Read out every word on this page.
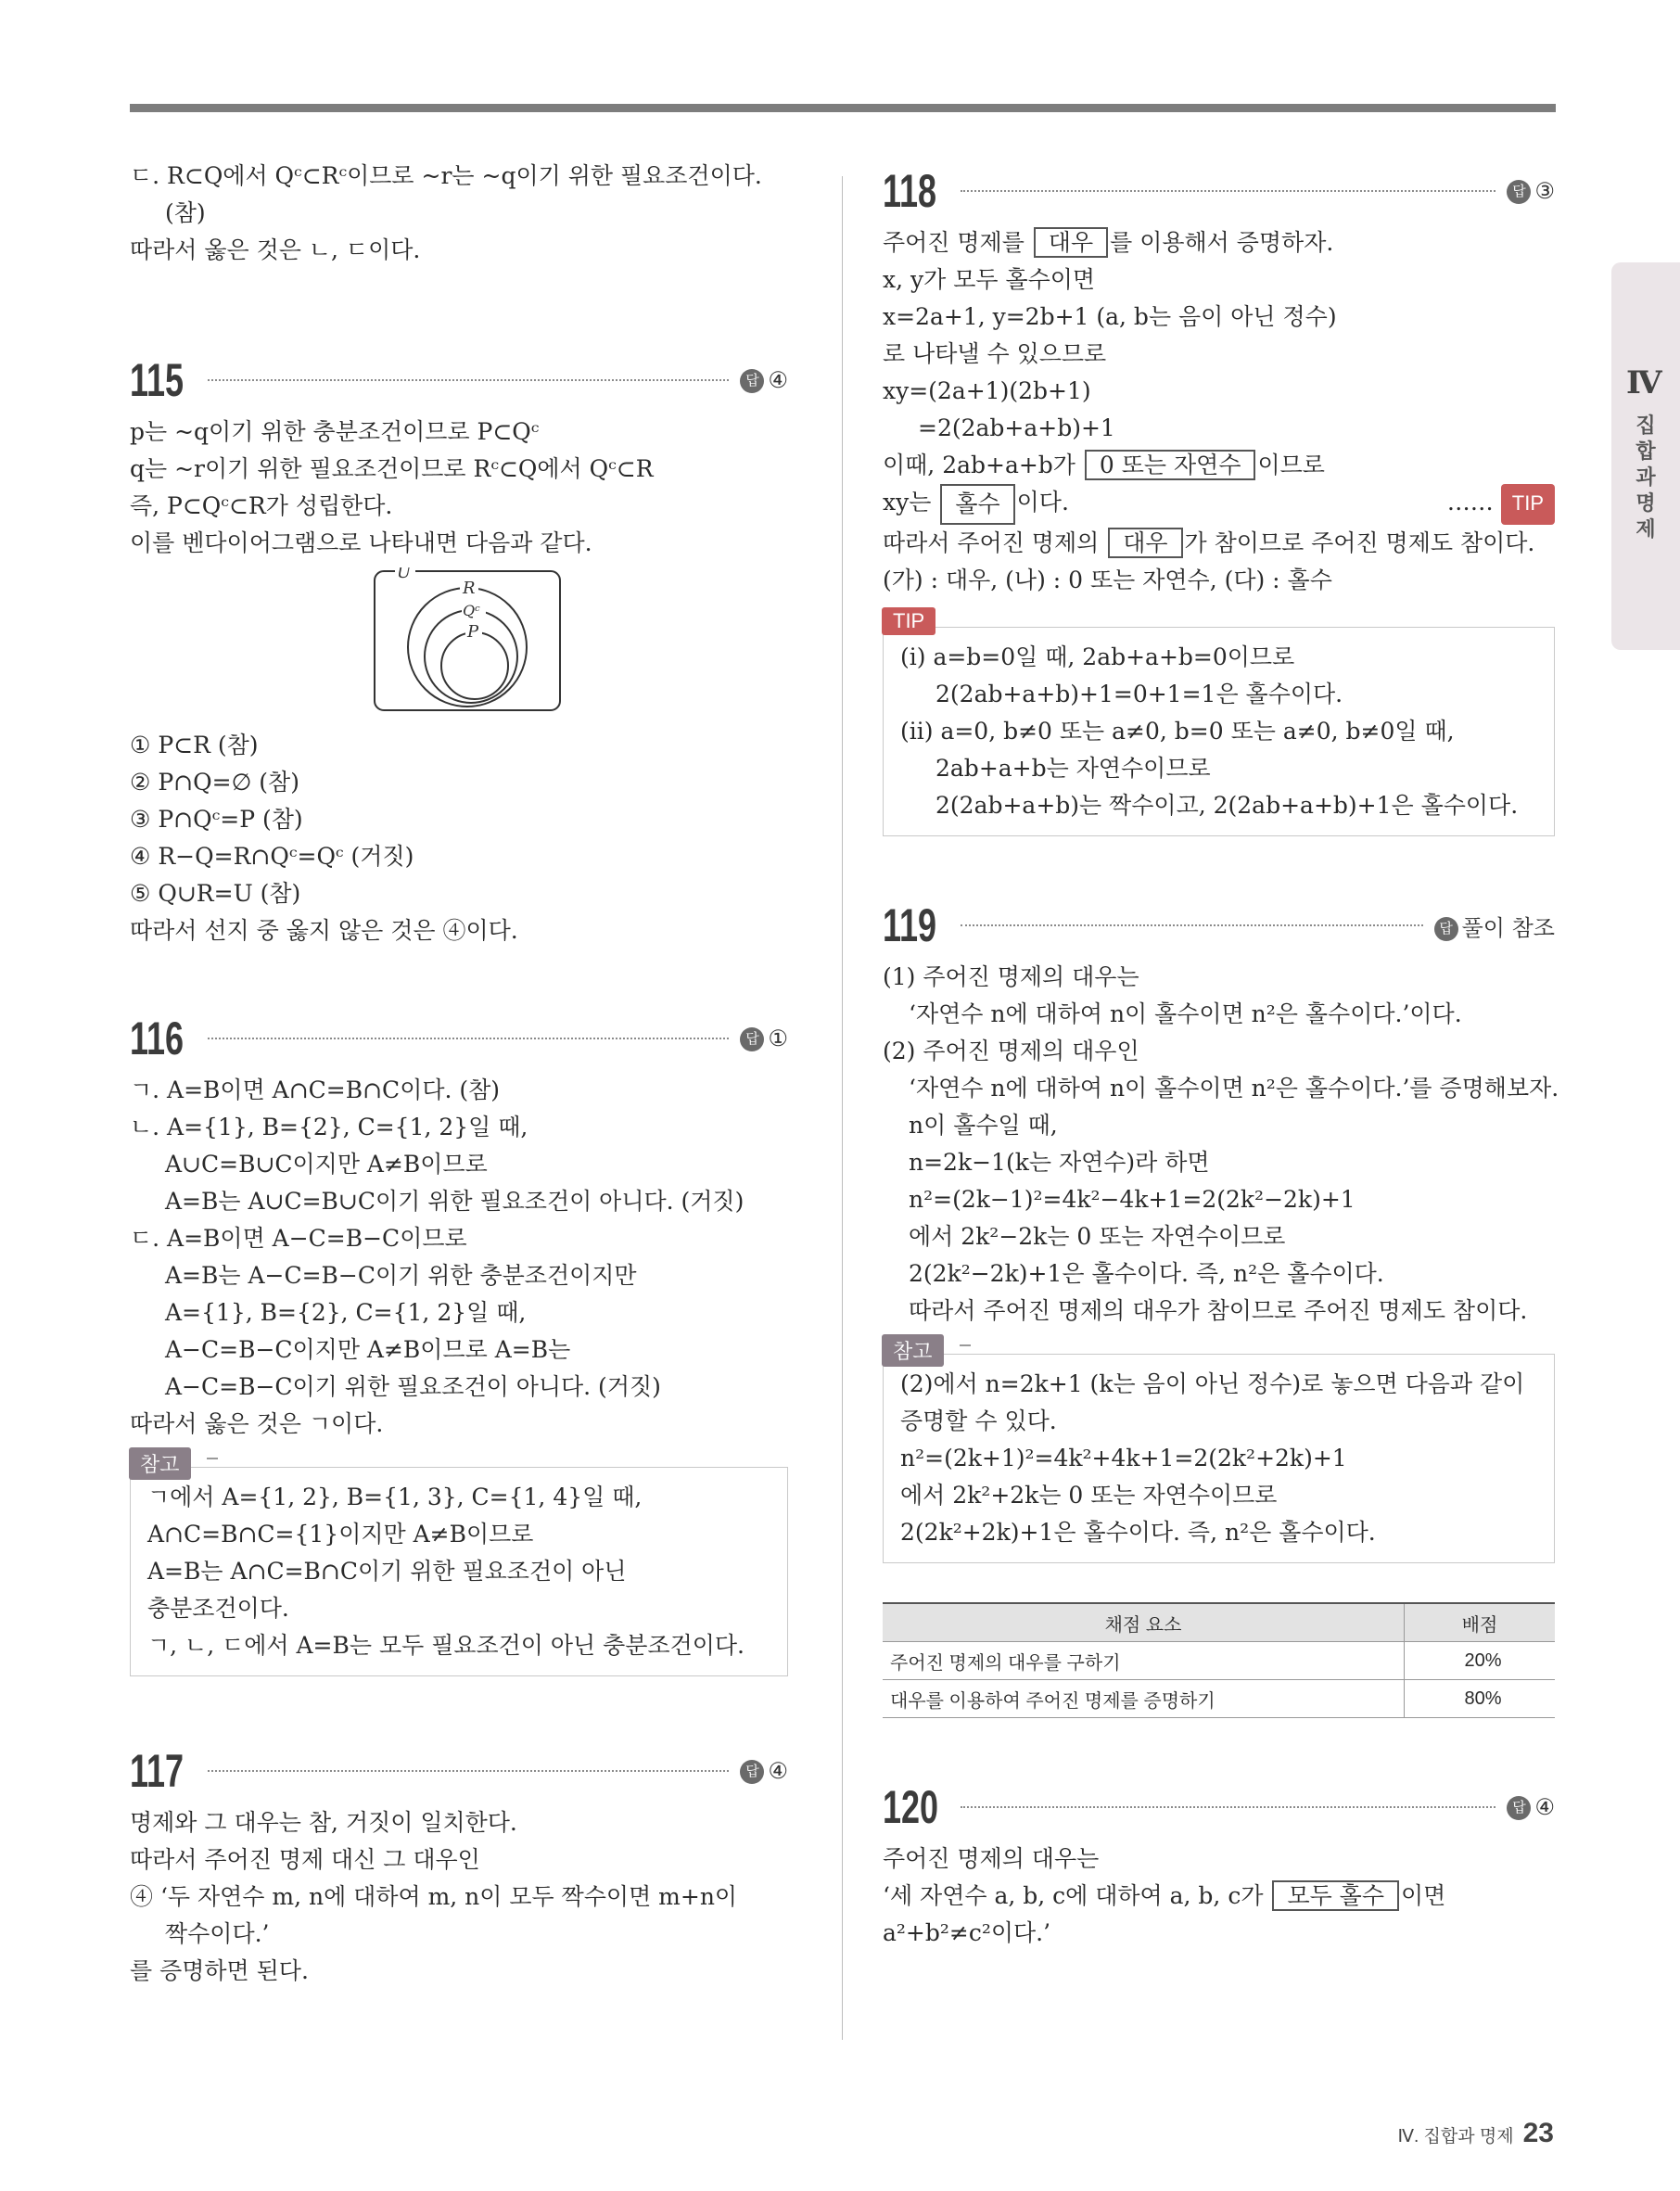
ㄷ. R⊂Q에서 Qᶜ⊂Rᶜ이므로 ~r는 ~q이기 위한 필요조건이다.
(참)
따라서 옳은 것은 ㄴ, ㄷ이다.
115	답 ④
p는 ~q이기 위한 충분조건이므로 P⊂Qᶜ
q는 ~r이기 위한 필요조건이므로 Rᶜ⊂Q에서 Qᶜ⊂R
즉, P⊂Qᶜ⊂R가 성립한다.
이를 벤다이어그램으로 나타내면 다음과 같다.
U
R
Qᶜ
P
① P⊂R (참)
② P∩Q=∅ (참)
③ P∩Qᶜ=P (참)
④ R−Q=R∩Qᶜ=Qᶜ (거짓)
⑤ Q∪R=U (참)
따라서 선지 중 옳지 않은 것은 ④이다.
116	답 ①
ㄱ. A=B이면 A∩C=B∩C이다. (참)
ㄴ. A={1}, B={2}, C={1, 2}일 때,
A∪C=B∪C이지만 A≠B이므로
A=B는 A∪C=B∪C이기 위한 필요조건이 아니다. (거짓)
ㄷ. A=B이면 A−C=B−C이므로
A=B는 A−C=B−C이기 위한 충분조건이지만
A={1}, B={2}, C={1, 2}일 때,
A−C=B−C이지만 A≠B이므로 A=B는
A−C=B−C이기 위한 필요조건이 아니다. (거짓)
따라서 옳은 것은 ㄱ이다.
참고
ㄱ에서 A={1, 2}, B={1, 3}, C={1, 4}일 때,
A∩C=B∩C={1}이지만 A≠B이므로
A=B는 A∩C=B∩C이기 위한 필요조건이 아닌
충분조건이다.
ㄱ, ㄴ, ㄷ에서 A=B는 모두 필요조건이 아닌 충분조건이다.
117	답 ④
명제와 그 대우는 참, 거짓이 일치한다.
따라서 주어진 명제 대신 그 대우인
④ ‘두 자연수 m, n에 대하여 m, n이 모두 짝수이면 m+n이
짝수이다.’
를 증명하면 된다.
118	답 ③
주어진 명제를 대우 를 이용해서 증명하자.
x, y가 모두 홀수이면
x=2a+1, y=2b+1 (a, b는 음이 아닌 정수)
로 나타낼 수 있으므로
xy=(2a+1)(2b+1)
=2(2ab+a+b)+1
이때, 2ab+a+b가 0 또는 자연수 이므로
xy는 홀수 이다.	…… TIP
따라서 주어진 명제의 대우 가 참이므로 주어진 명제도 참이다.
(가) : 대우, (나) : 0 또는 자연수, (다) : 홀수
TIP
(ⅰ) a=b=0일 때, 2ab+a+b=0이므로
2(2ab+a+b)+1=0+1=1은 홀수이다.
(ⅱ) a=0, b≠0 또는 a≠0, b=0 또는 a≠0, b≠0일 때,
2ab+a+b는 자연수이므로
2(2ab+a+b)는 짝수이고, 2(2ab+a+b)+1은 홀수이다.
119	답 풀이 참조
(1) 주어진 명제의 대우는
‘자연수 n에 대하여 n이 홀수이면 n²은 홀수이다.’이다.
(2) 주어진 명제의 대우인
‘자연수 n에 대하여 n이 홀수이면 n²은 홀수이다.’를 증명해보자.
n이 홀수일 때,
n=2k−1(k는 자연수)라 하면
n²=(2k−1)²=4k²−4k+1=2(2k²−2k)+1
에서 2k²−2k는 0 또는 자연수이므로
2(2k²−2k)+1은 홀수이다. 즉, n²은 홀수이다.
따라서 주어진 명제의 대우가 참이므로 주어진 명제도 참이다.
참고
(2)에서 n=2k+1 (k는 음이 아닌 정수)로 놓으면 다음과 같이
증명할 수 있다.
n²=(2k+1)²=4k²+4k+1=2(2k²+2k)+1
에서 2k²+2k는 0 또는 자연수이므로
2(2k²+2k)+1은 홀수이다. 즉, n²은 홀수이다.
채점 요소	배점
주어진 명제의 대우를 구하기	20%
대우를 이용하여 주어진 명제를 증명하기	80%
120	답 ④
주어진 명제의 대우는
‘세 자연수 a, b, c에 대하여 a, b, c가 모두 홀수 이면
a²+b²≠c²이다.’
Ⅳ
집합과 명제
Ⅳ. 집합과 명제 23
